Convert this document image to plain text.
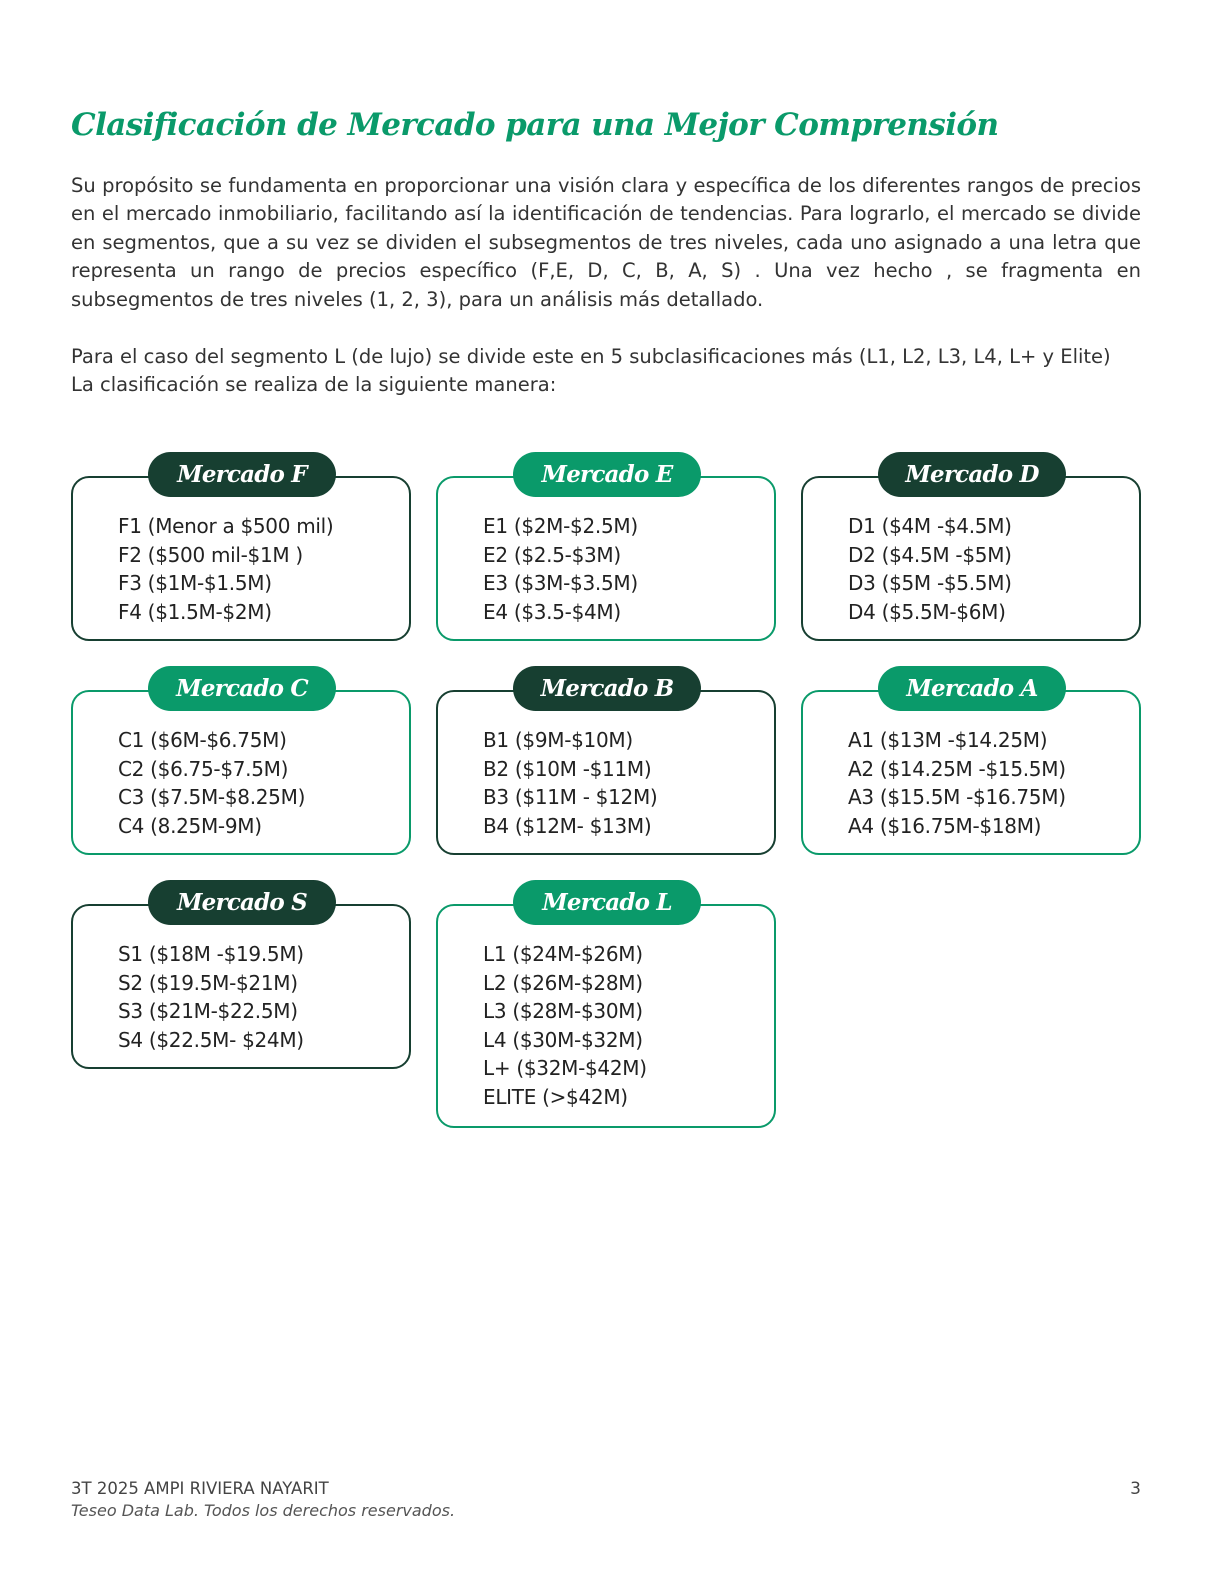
Clasificación de Mercado para una Mejor Comprensión

Su propósito se fundamenta en proporcionar una visión clara y específica de los diferentes rangos de precios en el mercado inmobiliario, facilitando así la identificación de tendencias. Para lograrlo, el mercado se divide en segmentos, que a su vez se dividen el subsegmentos de tres niveles, cada uno asignado a una letra que representa un rango de precios específico (F,E, D, C, B, A, S) . Una vez hecho , se fragmenta en subsegmentos de tres niveles (1, 2, 3), para un análisis más detallado.

Para el caso del segmento L (de lujo) se divide este en 5 subclasificaciones más (L1, L2, L3, L4, L+ y Elite)
La clasificación se realiza de la siguiente manera:
Mercado F
F1 (Menor a $500 mil)
F2 ($500 mil-$1M )
F3 ($1M-$1.5M)
F4 ($1.5M-$2M)
Mercado E
E1 ($2M-$2.5M)
E2 ($2.5-$3M)
E3 ($3M-$3.5M)
E4 ($3.5-$4M)
Mercado D
D1 ($4M -$4.5M)
D2 ($4.5M -$5M)
D3 ($5M -$5.5M)
D4 ($5.5M-$6M)
Mercado C
C1 ($6M-$6.75M)
C2 ($6.75-$7.5M)
C3 ($7.5M-$8.25M)
C4 (8.25M-9M)
Mercado B
B1 ($9M-$10M)
B2 ($10M -$11M)
B3 ($11M - $12M)
B4 ($12M- $13M)
Mercado A
A1 ($13M -$14.25M)
A2 ($14.25M -$15.5M)
A3 ($15.5M -$16.75M)
A4 ($16.75M-$18M)
Mercado S
S1 ($18M -$19.5M)
S2 ($19.5M-$21M)
S3 ($21M-$22.5M)
S4 ($22.5M- $24M)
Mercado L
L1 ($24M-$26M)
L2 ($26M-$28M)
L3 ($28M-$30M)
L4 ($30M-$32M)
L+ ($32M-$42M)
ELITE (>$42M)
3T 2025 AMPI RIVIERA NAYARIT
Teseo Data Lab. Todos los derechos reservados.
3
